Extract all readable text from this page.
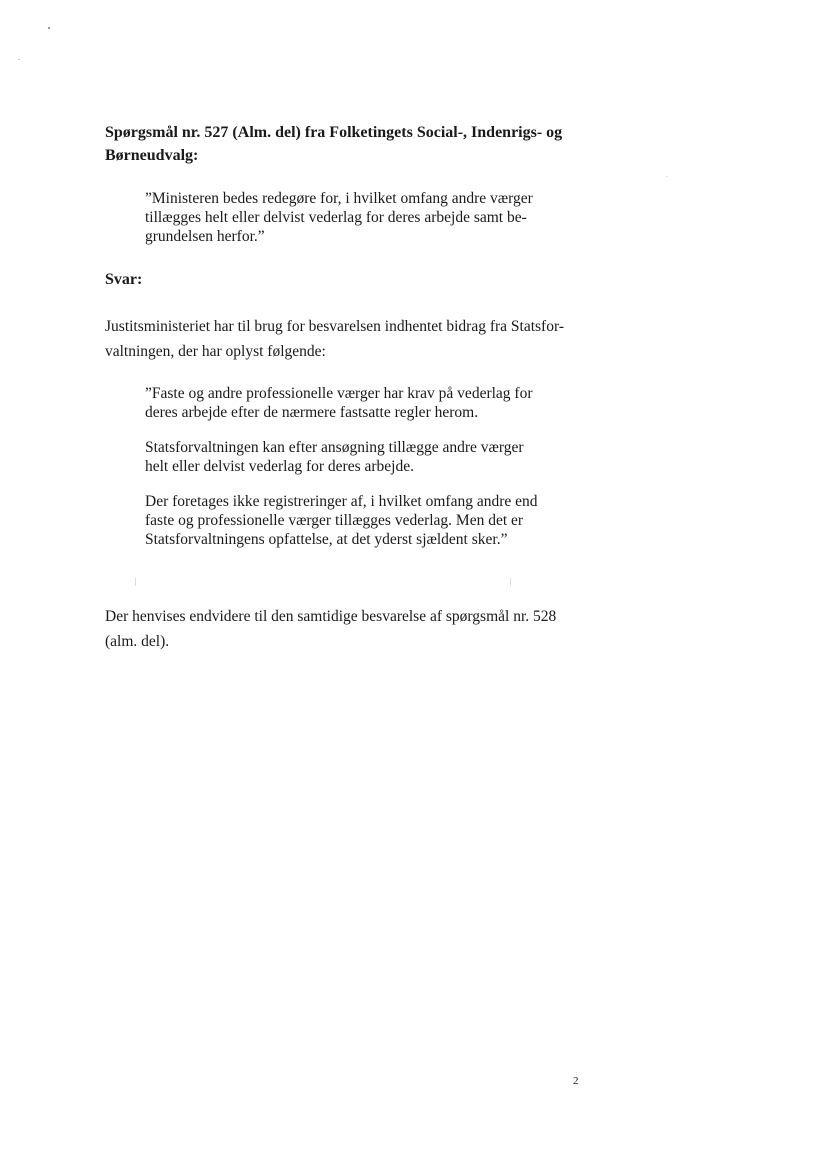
Spørgsmål nr. 527 (Alm. del) fra Folketingets Social-, Indenrigs- og
Børneudvalg:

”Ministeren bedes redegøre for, i hvilket omfang andre værger
tillægges helt eller delvist vederlag for deres arbejde samt be-
grundelsen herfor.”

Svar:

Justitsministeriet har til brug for besvarelsen indhentet bidrag fra Statsfor-
valtningen, der har oplyst følgende:

”Faste og andre professionelle værger har krav på vederlag for
deres arbejde efter de nærmere fastsatte regler herom.

Statsforvaltningen kan efter ansøgning tillægge andre værger
helt eller delvist vederlag for deres arbejde.

Der foretages ikke registreringer af, i hvilket omfang andre end
faste og professionelle værger tillægges vederlag. Men det er
Statsforvaltningens opfattelse, at det yderst sjældent sker.”

Der henvises endvidere til den samtidige besvarelse af spørgsmål nr. 528
(alm. del).

2
